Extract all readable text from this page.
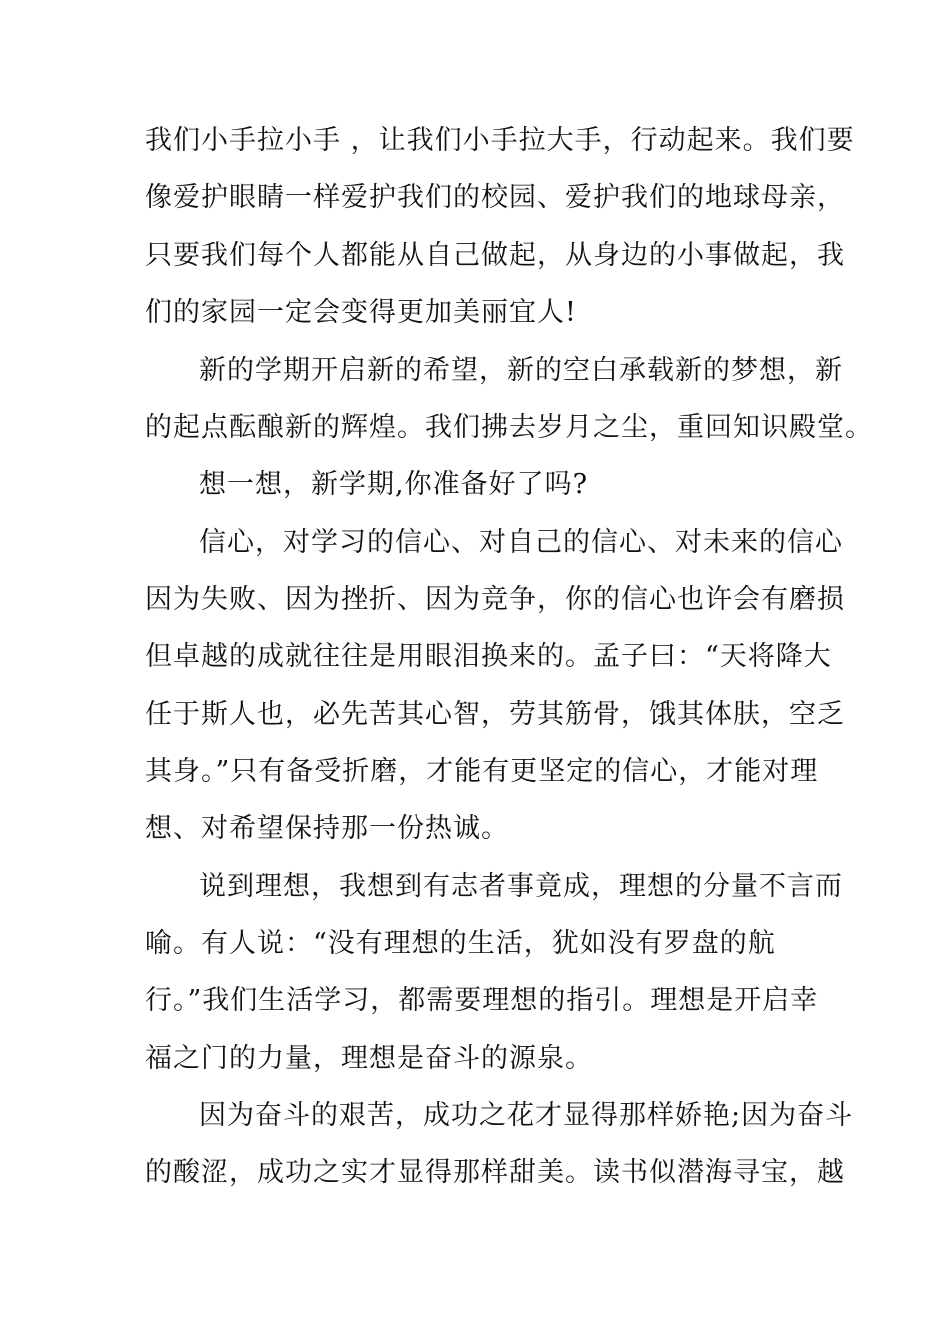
我们小手拉小手 ，让我们小手拉大手，行动起来。我们要
像爱护眼睛一样爱护我们的校园、爱护我们的地球母亲，
只要我们每个人都能从自己做起，从身边的小事做起，我
们的家园一定会变得更加美丽宜人!
新的学期开启新的希望，新的空白承载新的梦想，新
的起点酝酿新的辉煌。我们拂去岁月之尘，重回知识殿堂。
想一想，新学期,你准备好了吗?
信心，对学习的信心、对自己的信心、对未来的信心
因为失败、因为挫折、因为竞争，你的信心也许会有磨损
但卓越的成就往往是用眼泪换来的。孟子曰：“天将降大
任于斯人也，必先苦其心智，劳其筋骨，饿其体肤，空乏
其身。”只有备受折磨，才能有更坚定的信心，才能对理
想、对希望保持那一份热诚。
说到理想，我想到有志者事竟成，理想的分量不言而
喻。有人说：“没有理想的生活，犹如没有罗盘的航
行。”我们生活学习，都需要理想的指引。理想是开启幸
福之门的力量，理想是奋斗的源泉。
因为奋斗的艰苦，成功之花才显得那样娇艳;因为奋斗
的酸涩，成功之实才显得那样甜美。读书似潜海寻宝，越
